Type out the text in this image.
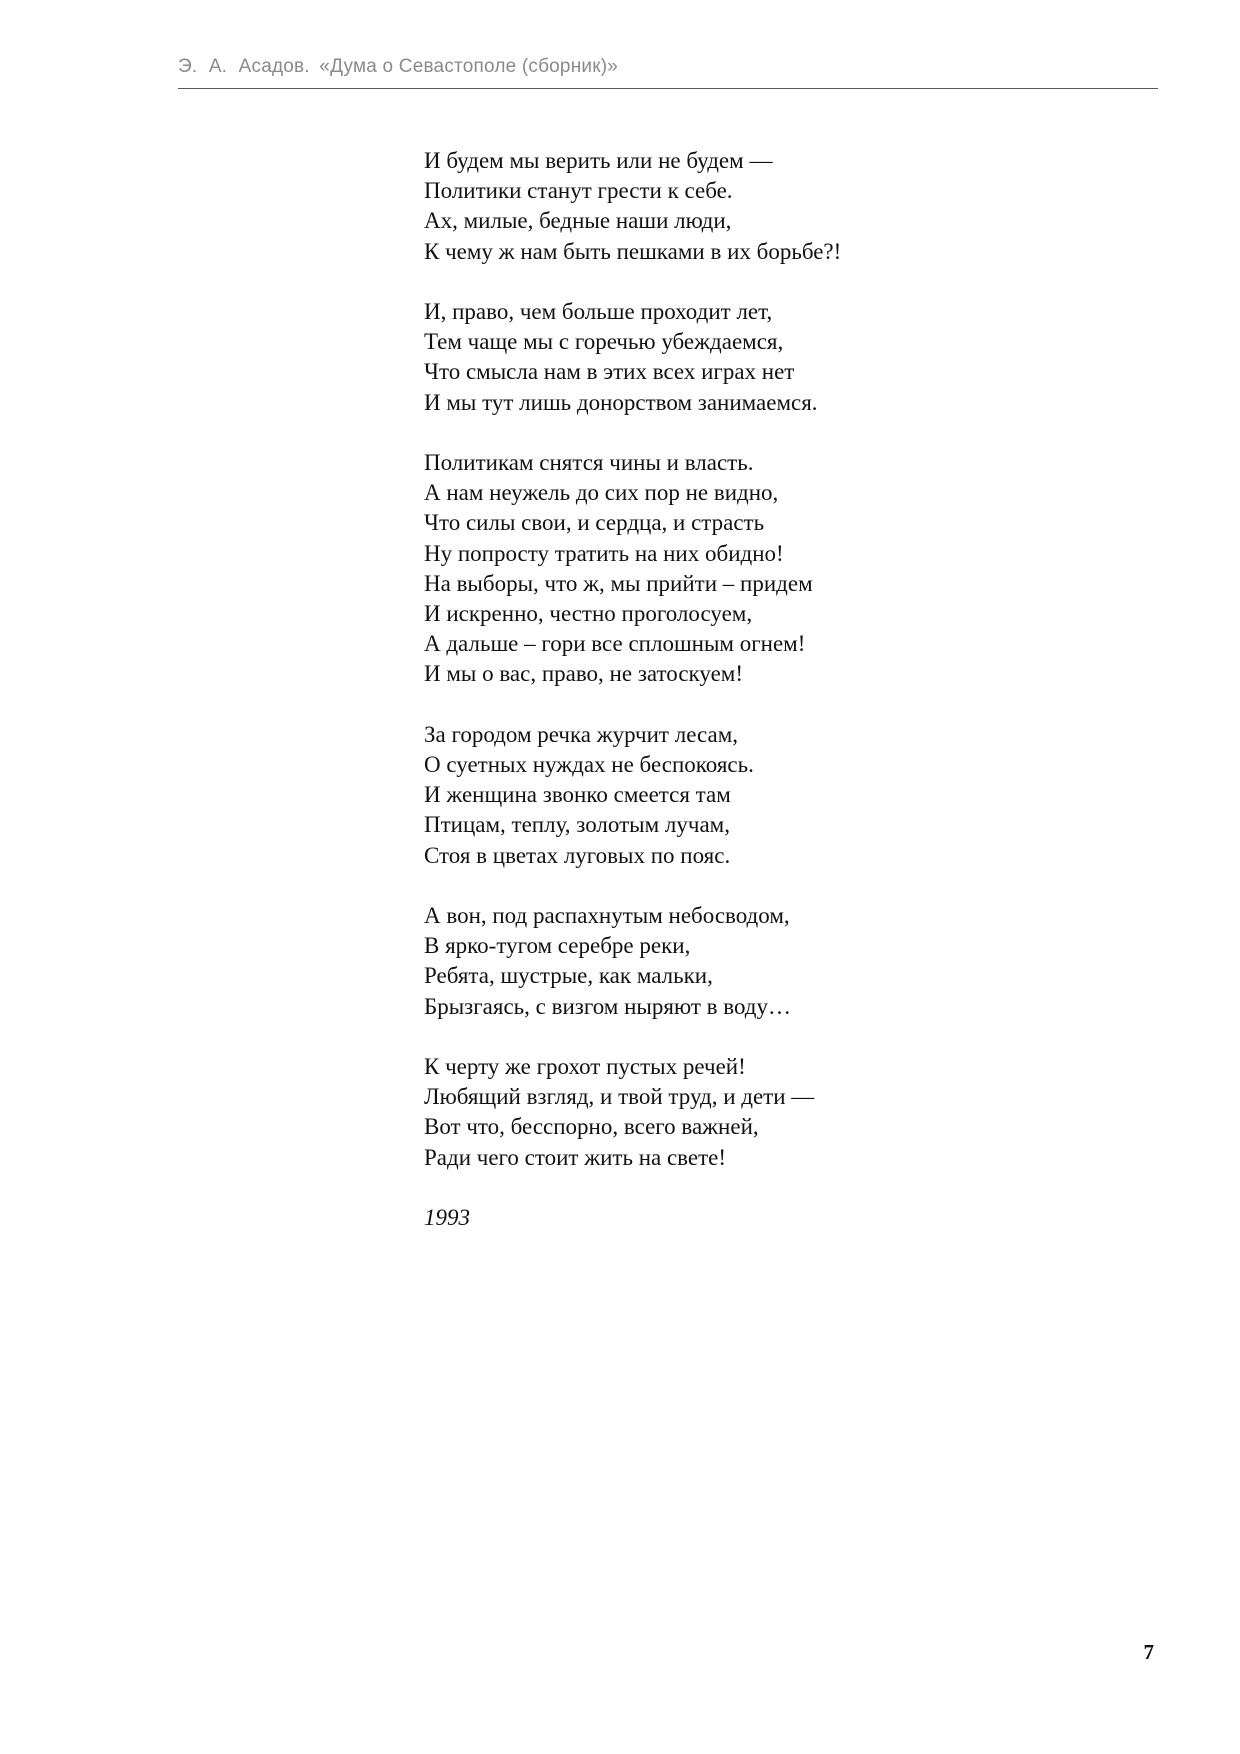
Э. А. Асадов. «Дума о Севастополе (сборник)»
И будем мы верить или не будем —
Политики станут грести к себе.
Ах, милые, бедные наши люди,
К чему ж нам быть пешками в их борьбе?!
И, право, чем больше проходит лет,
Тем чаще мы с горечью убеждаемся,
Что смысла нам в этих всех играх нет
И мы тут лишь донорством занимаемся.
Политикам снятся чины и власть.
А нам неужель до сих пор не видно,
Что силы свои, и сердца, и страсть
Ну попросту тратить на них обидно!
На выборы, что ж, мы прийти – придем
И искренно, честно проголосуем,
А дальше – гори все сплошным огнем!
И мы о вас, право, не затоскуем!
За городом речка журчит лесам,
О суетных нуждах не беспокоясь.
И женщина звонко смеется там
Птицам, теплу, золотым лучам,
Стоя в цветах луговых по пояс.
А вон, под распахнутым небосводом,
В ярко-тугом серебре реки,
Ребята, шустрые, как мальки,
Брызгаясь, с визгом ныряют в воду…
К черту же грохот пустых речей!
Любящий взгляд, и твой труд, и дети —
Вот что, бесспорно, всего важней,
Ради чего стоит жить на свете!
1993
7
